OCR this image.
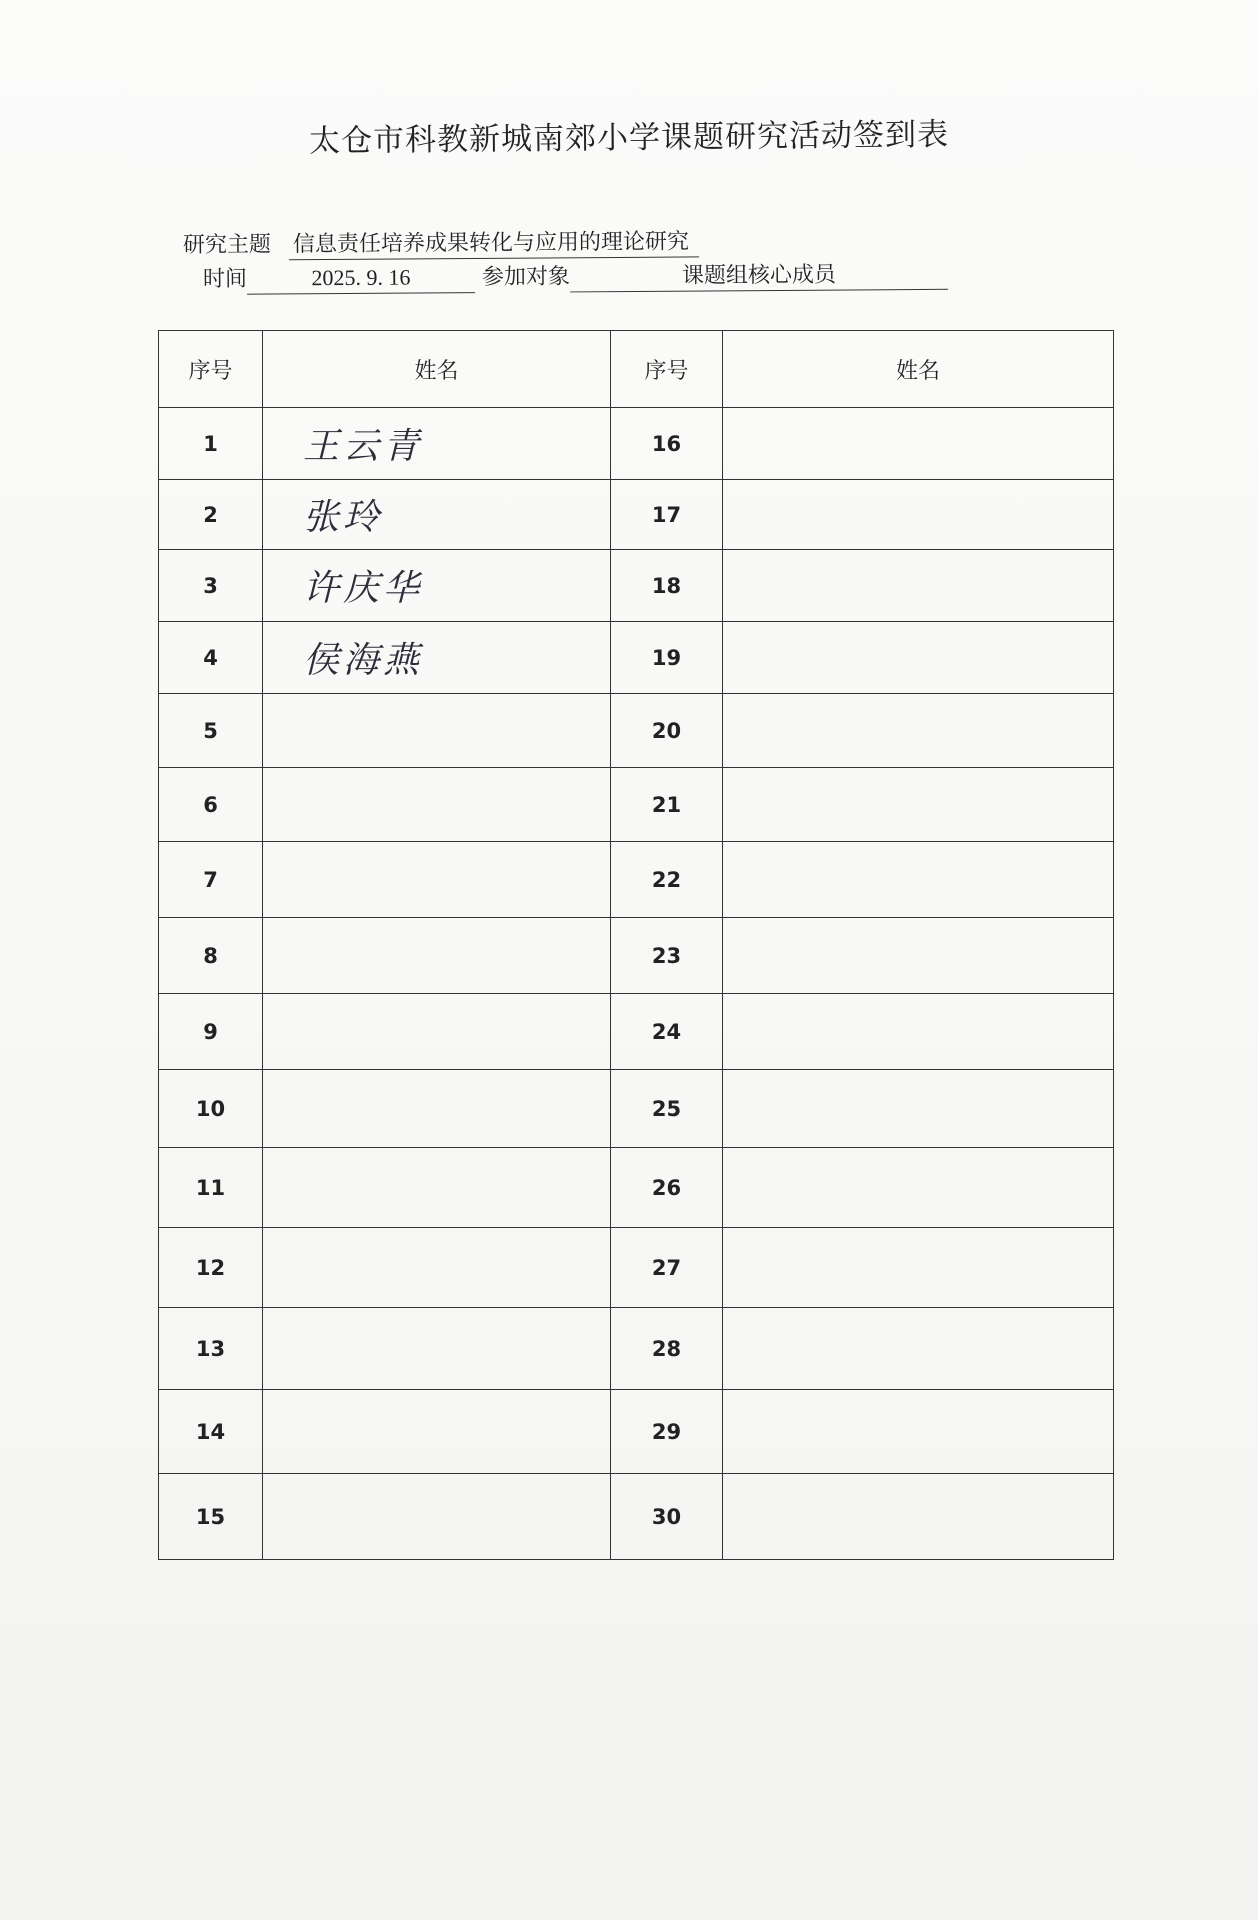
太仓市科教新城南郊小学课题研究活动签到表
研究主题 信息责任培养成果转化与应用的理论研究
时间	2025. 9. 16	参加对象	课题组核心成员
序号	姓名	序号	姓名
1	王云青	16	
2	张玲	17	
3	许庆华	18	
4	侯海燕	19	
5		20	
6		21	
7		22	
8		23	
9		24	
10		25	
11		26	
12		27	
13		28	
14		29	
15		30	
